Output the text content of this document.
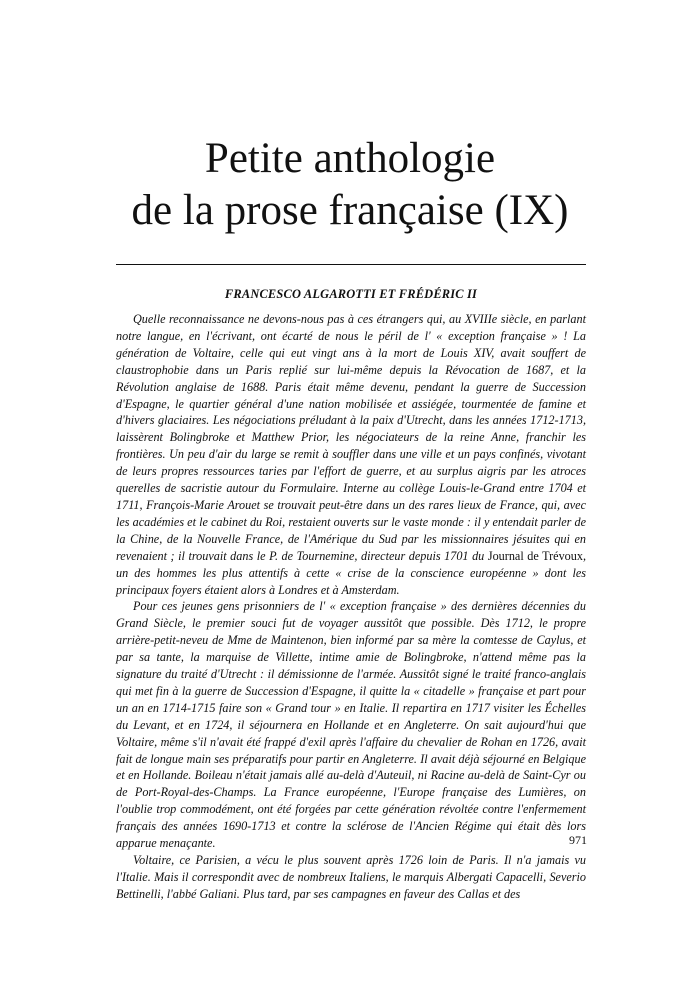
Petite anthologie
de la prose française (IX)
FRANCESCO ALGAROTTI ET FRÉDÉRIC II

Quelle reconnaissance ne devons-nous pas à ces étrangers qui, au XVIIIe siècle, en parlant notre langue, en l'écrivant, ont écarté de nous le péril de l' « exception française » ! La génération de Voltaire, celle qui eut vingt ans à la mort de Louis XIV, avait souffert de claustrophobie dans un Paris replié sur lui-même depuis la Révocation de 1687, et la Révolution anglaise de 1688. Paris était même devenu, pendant la guerre de Succession d'Espagne, le quartier général d'une nation mobilisée et assiégée, tourmentée de famine et d'hivers glaciaires. Les négociations préludant à la paix d'Utrecht, dans les années 1712-1713, laissèrent Bolingbroke et Matthew Prior, les négociateurs de la reine Anne, franchir les frontières. Un peu d'air du large se remit à souffler dans une ville et un pays confinés, vivotant de leurs propres ressources taries par l'effort de guerre, et au surplus aigris par les atroces querelles de sacristie autour du Formulaire. Interne au collège Louis-le-Grand entre 1704 et 1711, François-Marie Arouet se trouvait peut-être dans un des rares lieux de France, qui, avec les académies et le cabinet du Roi, restaient ouverts sur le vaste monde : il y entendait parler de la Chine, de la Nouvelle France, de l'Amérique du Sud par les missionnaires jésuites qui en revenaient ; il trouvait dans le P. de Tournemine, directeur depuis 1701 du Journal de Trévoux, un des hommes les plus attentifs à cette « crise de la conscience européenne » dont les principaux foyers étaient alors à Londres et à Amsterdam.

Pour ces jeunes gens prisonniers de l' « exception française » des dernières décennies du Grand Siècle, le premier souci fut de voyager aussitôt que possible. Dès 1712, le propre arrière-petit-neveu de Mme de Maintenon, bien informé par sa mère la comtesse de Caylus, et par sa tante, la marquise de Villette, intime amie de Bolingbroke, n'attend même pas la signature du traité d'Utrecht : il démissionne de l'armée. Aussitôt signé le traité franco-anglais qui met fin à la guerre de Succession d'Espagne, il quitte la « citadelle » française et part pour un an en 1714-1715 faire son « Grand tour » en Italie. Il repartira en 1717 visiter les Échelles du Levant, et en 1724, il séjournera en Hollande et en Angleterre. On sait aujourd'hui que Voltaire, même s'il n'avait été frappé d'exil après l'affaire du chevalier de Rohan en 1726, avait fait de longue main ses préparatifs pour partir en Angleterre. Il avait déjà séjourné en Belgique et en Hollande. Boileau n'était jamais allé au-delà d'Auteuil, ni Racine au-delà de Saint-Cyr ou de Port-Royal-des-Champs. La France européenne, l'Europe française des Lumières, on l'oublie trop commodément, ont été forgées par cette génération révoltée contre l'enfermement français des années 1690-1713 et contre la sclérose de l'Ancien Régime qui était dès lors apparue menaçante.

Voltaire, ce Parisien, a vécu le plus souvent après 1726 loin de Paris. Il n'a jamais vu l'Italie. Mais il correspondit avec de nombreux Italiens, le marquis Albergati Capacelli, Severio Bettinelli, l'abbé Galiani. Plus tard, par ses campagnes en faveur des Callas et des

971
